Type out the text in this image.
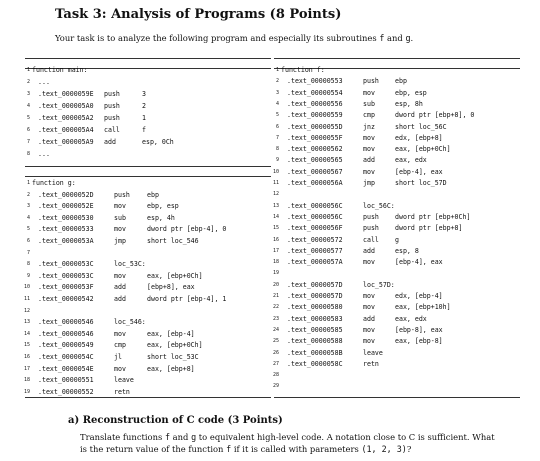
Task 3: Analysis of Programs (8 Points)
Your task is to analyze the following program and especially its subroutines f and g.
1 function main:
2 ...
3 .text_0000059E push	3
4 .text_000005A0 push	2
5 .text_000005A2 push	1
6 .text_000005A4 call	f
7 .text_000005A9 add	esp, 0Ch
8 ...
1 function g:
2 .text_0000052D	push	ebp
3 .text_0000052E	mov	ebp, esp
4 .text_00000530	sub	esp, 4h
5 .text_00000533	mov	dword ptr [ebp-4], 0
6 .text_0000053A	jmp	short loc_546
7
8 .text_0000053C	loc_53C:
9 .text_0000053C	mov	eax, [ebp+0Ch]
10 .text_0000053F	add	[ebp+8], eax
11 .text_00000542	add	dword ptr [ebp-4], 1
12
13 .text_00000546	loc_546:
14 .text_00000546	mov	eax, [ebp-4]
15 .text_00000549	cmp	eax, [ebp+0Ch]
16 .text_0000054C	jl	short loc_53C
17 .text_0000054E	mov	eax, [ebp+8]
18 .text_00000551	leave
19 .text_00000552	retn
1 function f:
2 .text_00000553	push ebp
3 .text_00000554	mov	ebp, esp
4 .text_00000556	sub	esp, 8h
5 .text_00000559	cmp	dword ptr [ebp+8], 0
6 .text_0000055D	jnz	short loc_56C
7 .text_0000055F	mov	edx, [ebp+8]
8 .text_00000562	mov	eax, [ebp+0Ch]
9 .text_00000565	add	eax, edx
10 .text_00000567	mov	[ebp-4], eax
11 .text_0000056A	jmp	short loc_57D
12
13 .text_0000056C	loc_56C:
14 .text_0000056C	push dword ptr [ebp+0Ch]
15 .text_0000056F	push dword ptr [ebp+8]
16 .text_00000572	call g
17 .text_00000577	add	esp, 8
18 .text_0000057A	mov	[ebp-4], eax
19
20 .text_0000057D	loc_57D:
21 .text_0000057D	mov	edx, [ebp-4]
22 .text_00000580	mov	eax, [ebp+10h]
23 .text_00000583	add	eax, edx
24 .text_00000585	mov	[ebp-8], eax
25 .text_00000588	mov	eax, [ebp-8]
26 .text_0000058B	leave
27 .text_0000058C	retn
28
29
a) Reconstruction of C code (3 Points)
Translate functions f and g to equivalent high-level code. A notation close to C is sufficient. What
is the return value of the function f if it is called with parameters (1, 2, 3)?
